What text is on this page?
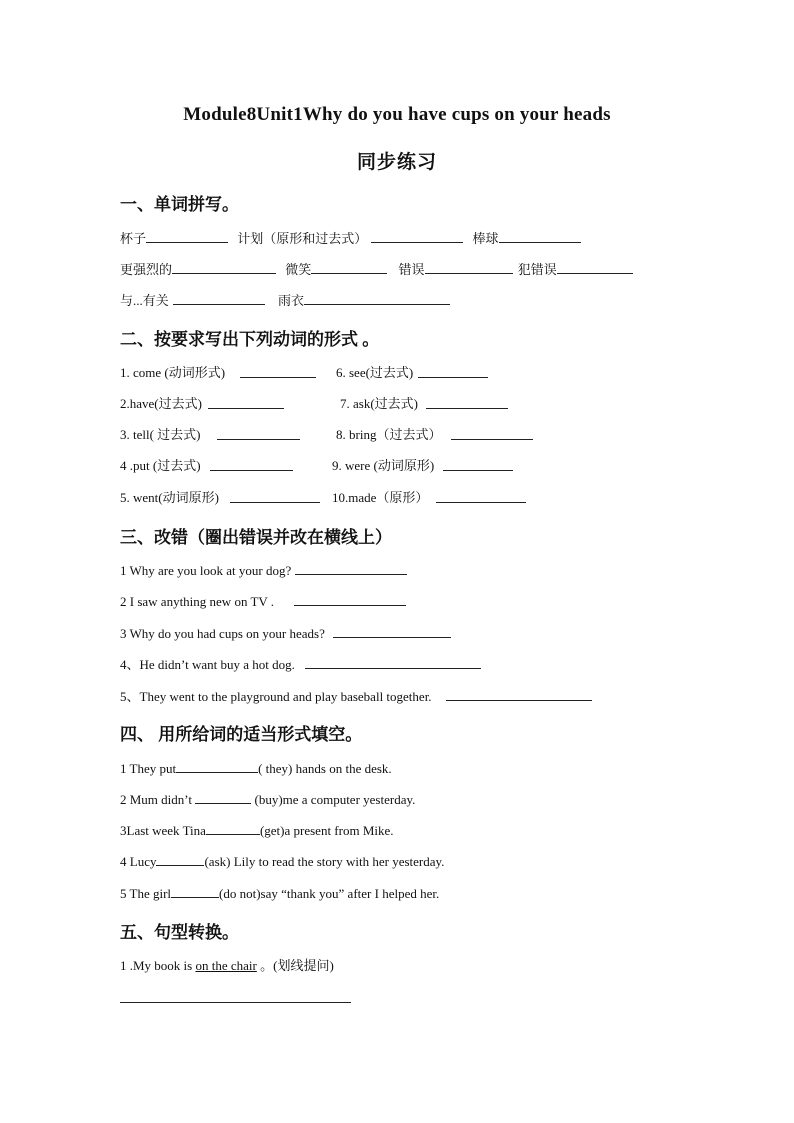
Module8Unit1Why do you have cups on your heads
同步练习
一、单词拼写。
杯子	计划（原形和过去式）	棒球
更强烈的	微笑	错误	犯错误
与...有关	雨衣
二、按要求写出下列动词的形式 。
1. come (动词形式)	6. see(过去式)
2.have(过去式)	7. ask(过去式)
3. tell( 过去式)	8. bring（过去式）
4 .put (过去式)	9. were (动词原形)
5. went(动词原形)	10.made（原形）
三、改错（圈出错误并改在横线上）
1 Why are you look at your dog?
2 I saw anything new on TV .
3 Why do you had cups on your heads?
4、He didn’t want buy a hot dog.
5、They went to the playground and play baseball together.
四、 用所给词的适当形式填空。
1 They put	( they) hands on the desk.
2 Mum didn’t	(buy)me a computer yesterday.
3Last week Tina	(get)a present from Mike.
4 Lucy	(ask) Lily to read the story with her yesterday.
5 The girl	(do not)say “thank you” after I helped her.
五、句型转换。
1 .My book is on the chair 。(划线提问)
